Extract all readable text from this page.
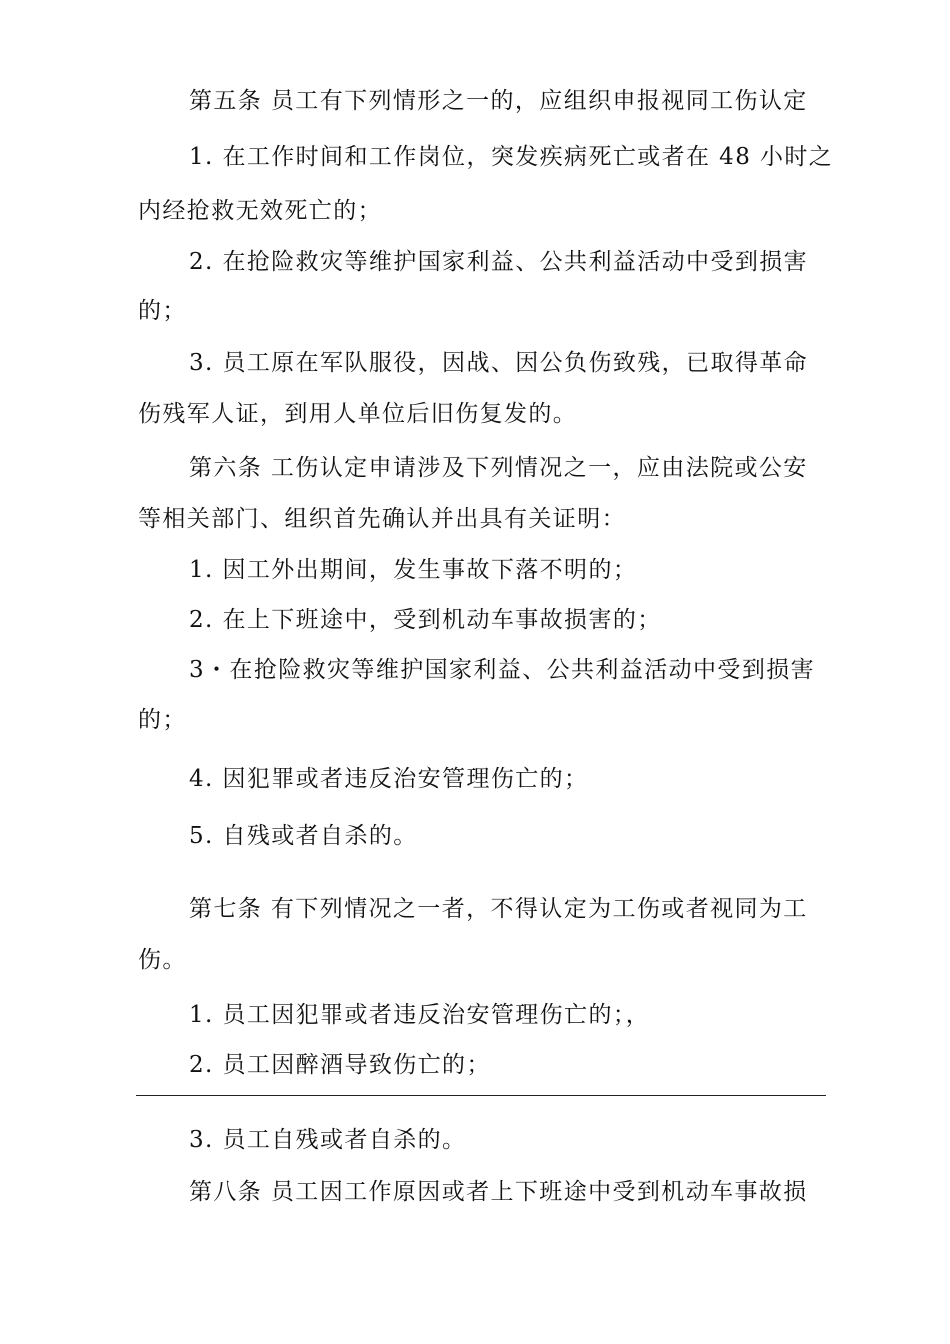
第五条 员工有下列情形之一的，应组织申报视同工伤认定
1. 在工作时间和工作岗位，突发疾病死亡或者在 48 小时之
内经抢救无效死亡的；
2. 在抢险救灾等维护国家利益、公共利益活动中受到损害
的；
3. 员工原在军队服役，因战、因公负伤致残，已取得革命
伤残军人证，到用人单位后旧伤复发的。
第六条 工伤认定申请涉及下列情况之一，应由法院或公安
等相关部门、组织首先确认并出具有关证明：
1. 因工外出期间，发生事故下落不明的；
2. 在上下班途中，受到机动车事故损害的；
3・在抢险救灾等维护国家利益、公共利益活动中受到损害
的；
4. 因犯罪或者违反治安管理伤亡的；
5. 自残或者自杀的。
第七条 有下列情况之一者，不得认定为工伤或者视同为工
伤。
1. 员工因犯罪或者违反治安管理伤亡的；，
2. 员工因醉酒导致伤亡的；
3. 员工自残或者自杀的。
第八条 员工因工作原因或者上下班途中受到机动车事故损
